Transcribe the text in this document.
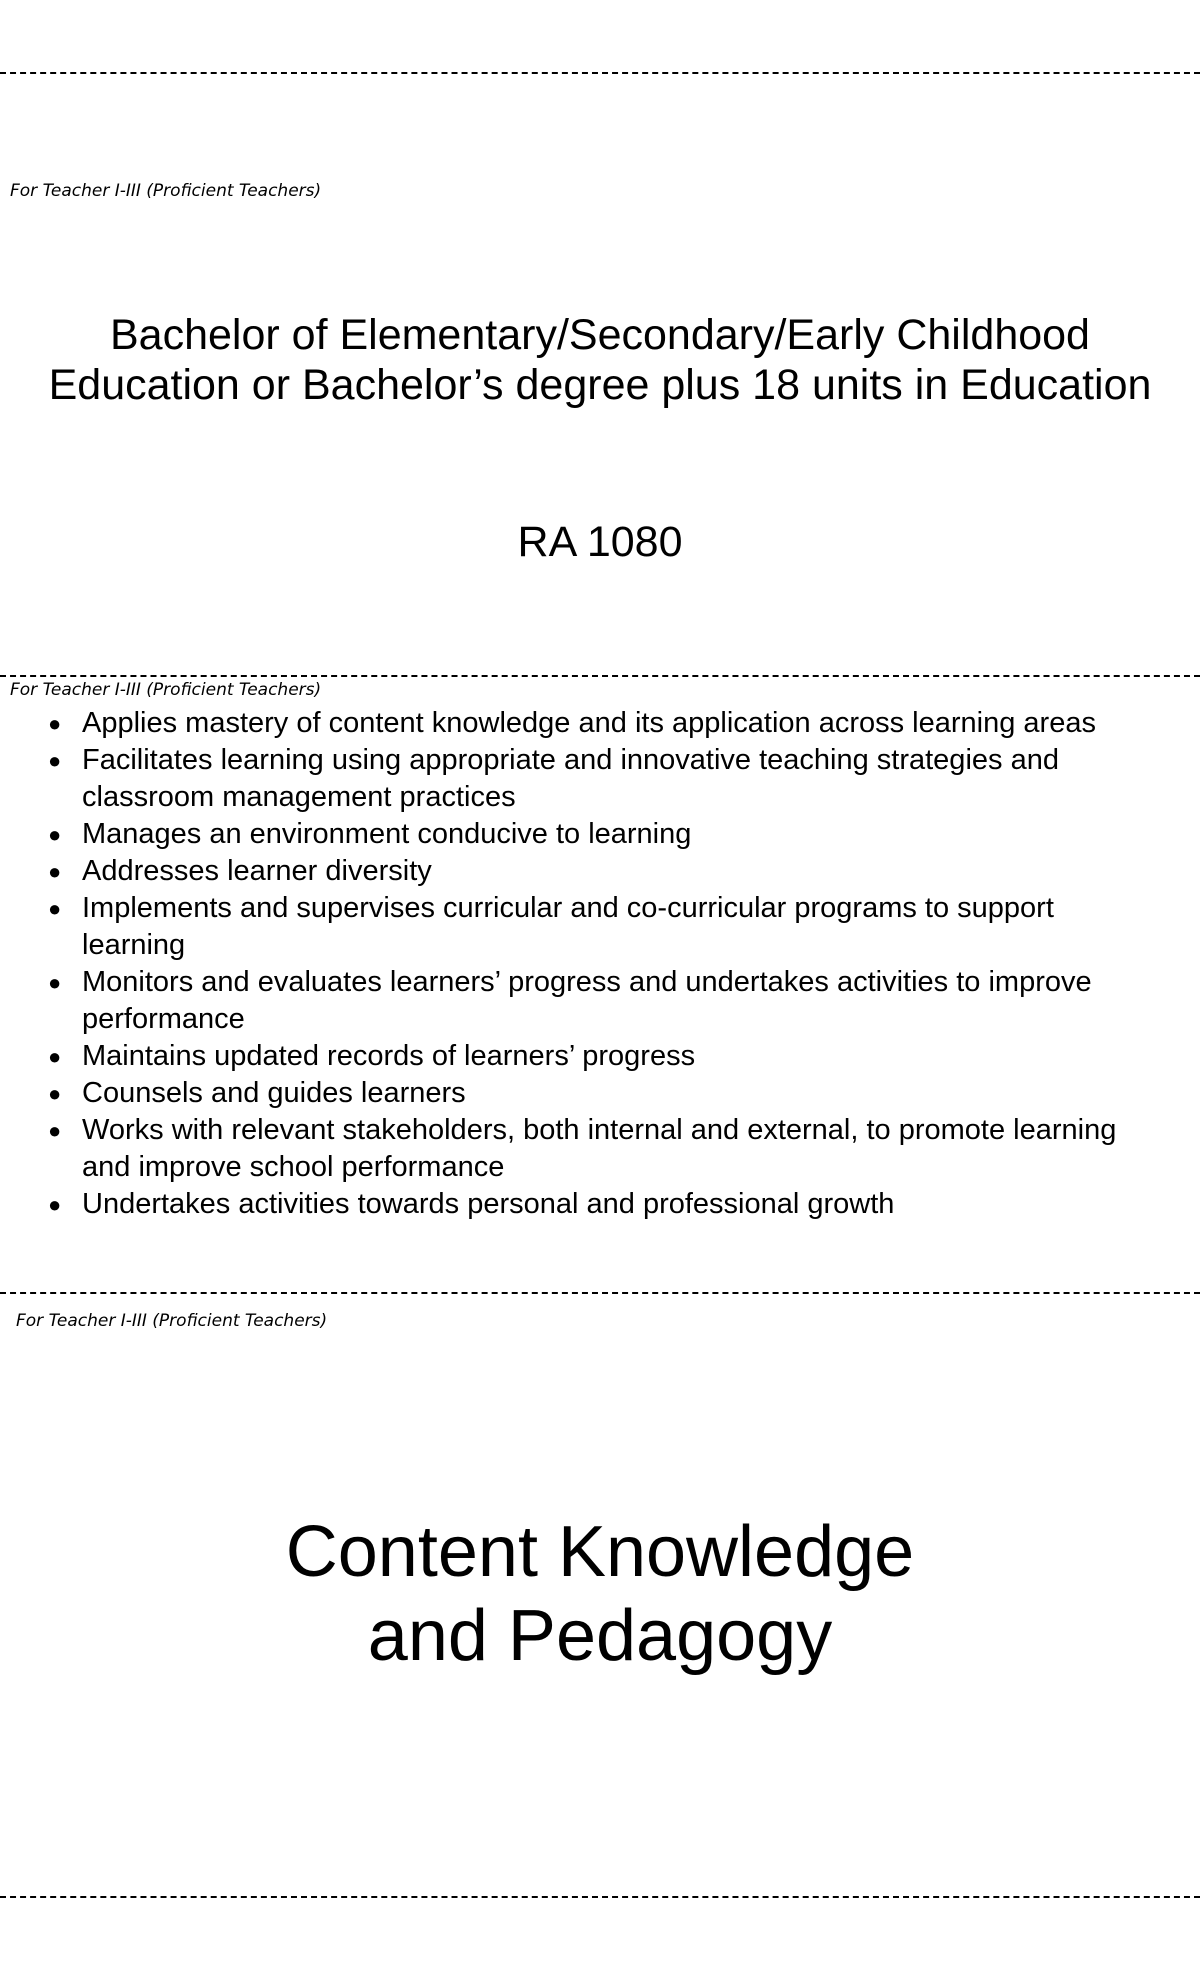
For Teacher I-III (Proficient Teachers)
Bachelor of Elementary/Secondary/Early Childhood
Education or Bachelor’s degree plus 18 units in Education
RA 1080
For Teacher I-III (Proficient Teachers)
● Applies mastery of content knowledge and its application across learning areas
● Facilitates learning using appropriate and innovative teaching strategies and classroom management practices
● Manages an environment conducive to learning
● Addresses learner diversity
● Implements and supervises curricular and co-curricular programs to support learning
● Monitors and evaluates learners’ progress and undertakes activities to improve performance
● Maintains updated records of learners’ progress
● Counsels and guides learners
● Works with relevant stakeholders, both internal and external, to promote learning and improve school performance
● Undertakes activities towards personal and professional growth
For Teacher I-III (Proficient Teachers)
Content Knowledge
and Pedagogy
